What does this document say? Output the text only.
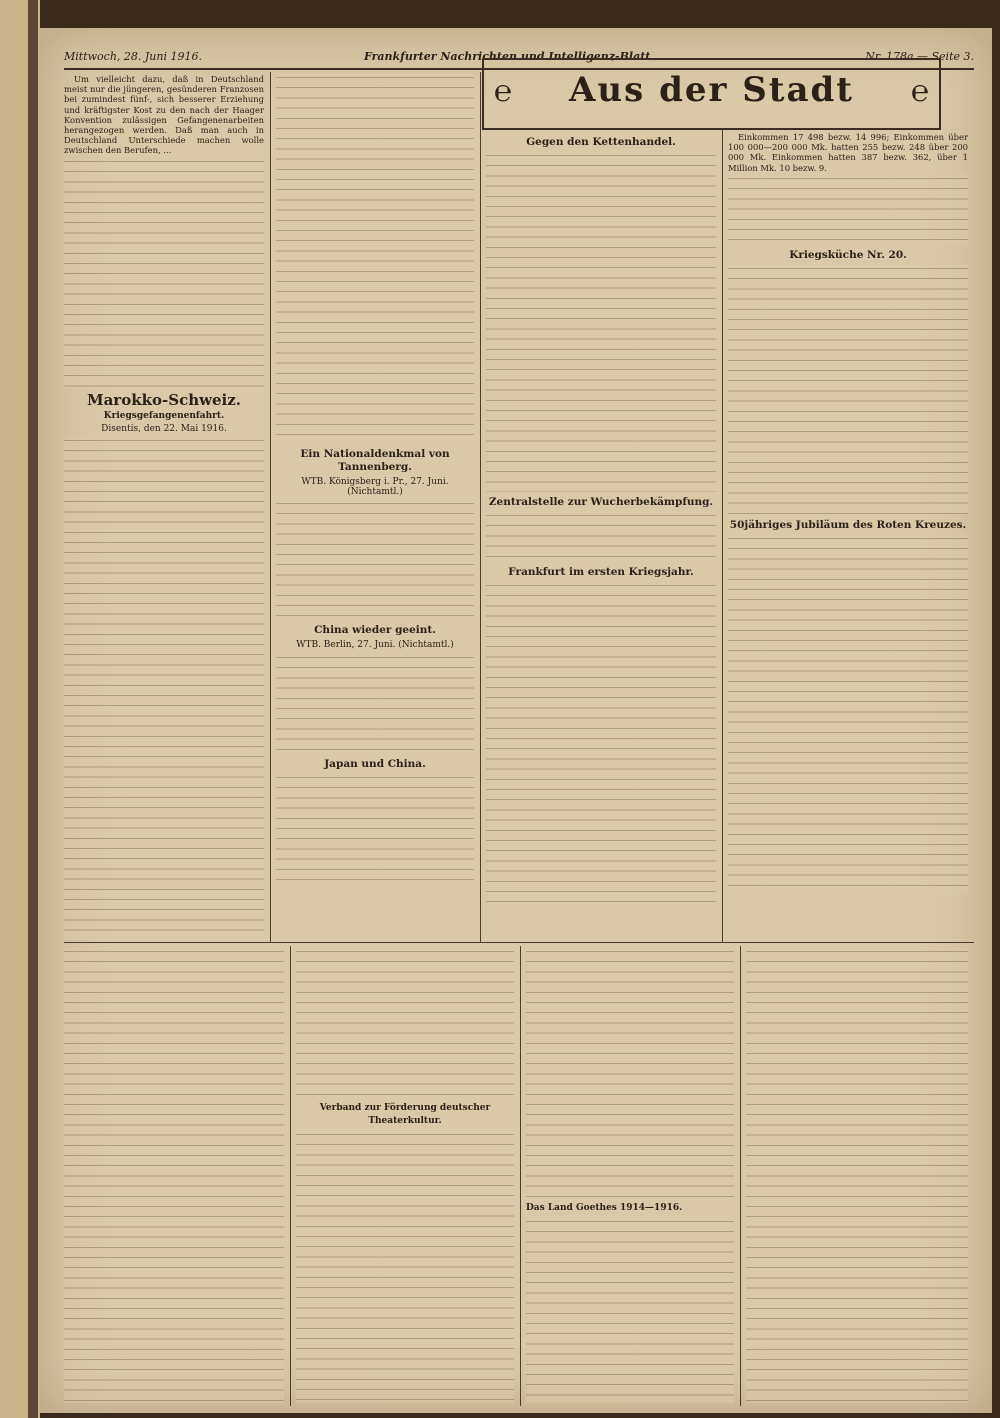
Mittwoch, 28. Juni 1916.	Frankfurter Nachrichten und Intelligenz-Blatt	Nr. 178a — Seite 3.

Um vielleicht dazu, daß in Deutschland meist nur die jüngeren, gesünderen Franzosen bei zumindest fünf-, sich besserer Erziehung und kräftigster Kost zu den nach der Haager Konvention zulässigen Gefangenenarbeiten herangezogen werden. Daß man auch in Deutschland Unterschiede machen wolle zwischen den Berufen, ...

Marokko-Schweiz.
Kriegsgefangenenfahrt.
Disentis, den 22. Mai 1916.
Ein Nationaldenkmal von Tannenberg.
WTB. Königsberg i. Pr., 27. Juni. (Nichtamtl.)
China wieder geeint.
WTB. Berlin, 27. Juni. (Nichtamtl.)
Japan und China.
℮	Aus der Stadt	℮
Gegen den Kettenhandel.
Zentralstelle zur Wucherbekämpfung.
Frankfurt im ersten Kriegsjahr.

Einkommen 17 498 bezw. 14 996; Einkommen über 100 000—200 000 Mk. hatten 255 bezw. 248 über 200 000 Mk. Einkommen hatten 387 bezw. 362, über 1 Million Mk. 10 bezw. 9.

Kriegsküche Nr. 20.
50jähriges Jubiläum des Roten Kreuzes.
Verband zur Förderung deutscher Theaterkultur.
Das Land Goethes 1914—1916.
